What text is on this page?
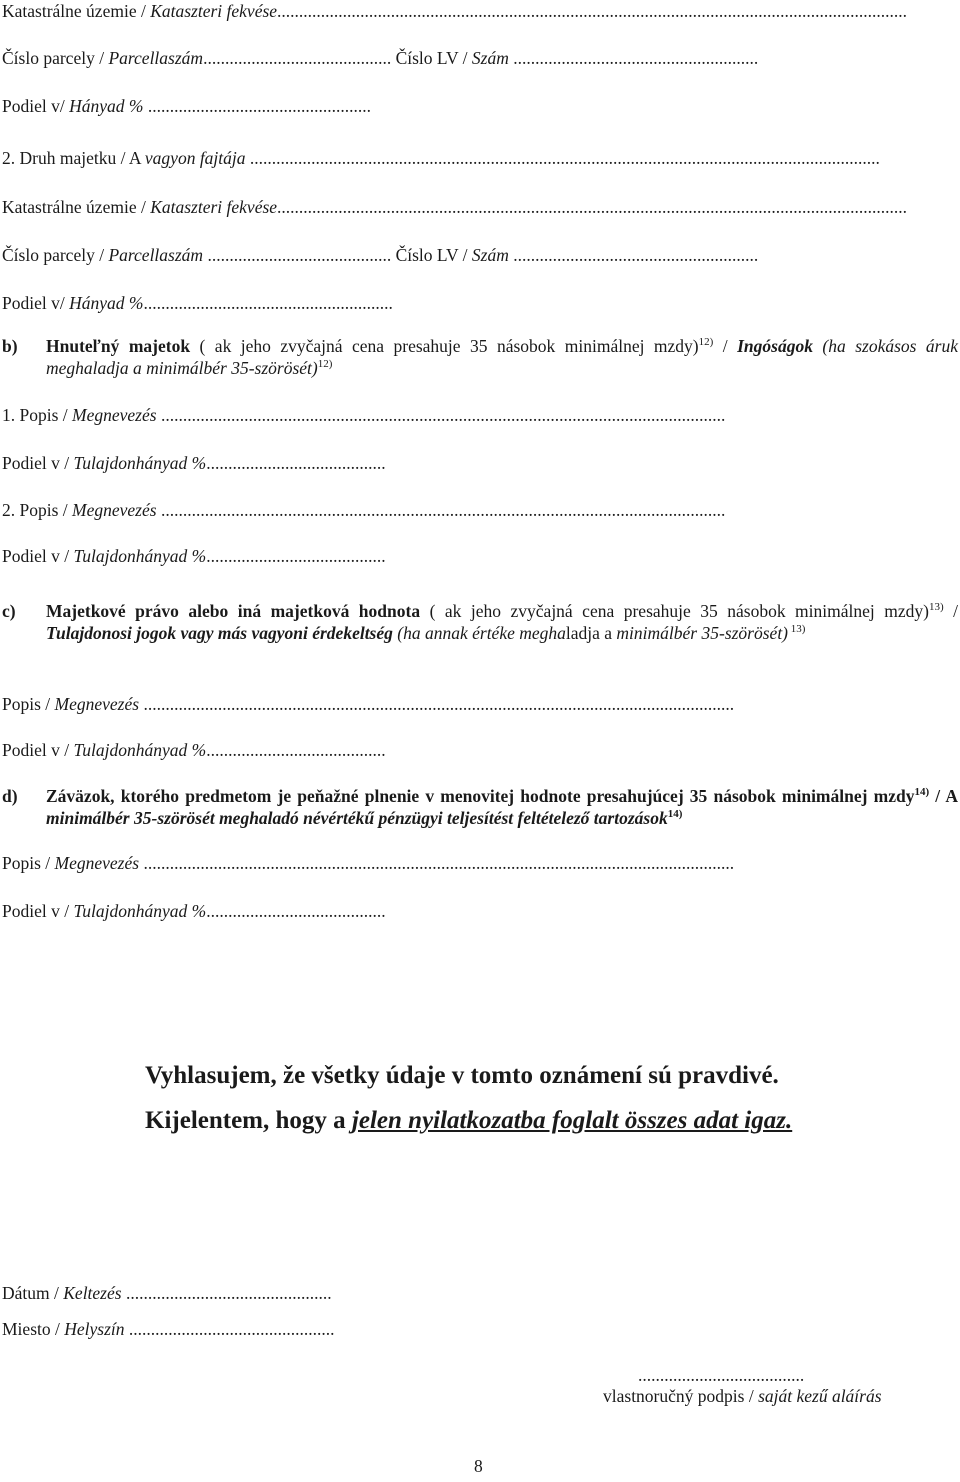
Katastrálne územie / Kataszteri fekvése................................................................................................................................................
Číslo parcely / Parcellaszám........................................... Číslo LV / Szám ........................................................
Podiel v/ Hányad % ...................................................
2. Druh majetku / A vagyon fajtája ................................................................................................................................................
Katastrálne územie / Kataszteri fekvése................................................................................................................................................
Číslo parcely / Parcellaszám .......................................... Číslo LV / Szám ........................................................
Podiel v/ Hányad %.........................................................
b) Hnuteľný majetok ( ak jeho zvyčajná cena presahuje 35 násobok minimálnej mzdy)$^{12)}$ / Ingóságok (ha szokásos áruk meghaladja a minimálbér 35-szörösét)$^{12)}$
1. Popis / Megnevezés .................................................................................................................................
Podiel v / Tulajdonhányad %.........................................
2. Popis / Megnevezés .................................................................................................................................
Podiel v / Tulajdonhányad %.........................................
c) Majetkové právo alebo iná majetková hodnota ( ak jeho zvyčajná cena presahuje 35 násobok minimálnej mzdy)$^{13)}$ / Tulajdonosi jogok vagy más vagyoni érdekeltség (ha annak értéke meghaladja a minimálbér 35-szörösét) $^{13)}$
Popis / Megnevezés .......................................................................................................................................
Podiel v / Tulajdonhányad %.........................................
d) Záväzok, ktorého predmetom je peňažné plnenie v menovitej hodnote presahujúcej 35 násobok minimálnej mzdy$^{14)}$ / A minimálbér 35-szörösét meghaladó névértékű pénzügyi teljesítést feltételező tartozások$^{14)}$
Popis / Megnevezés .......................................................................................................................................
Podiel v / Tulajdonhányad %.........................................
Vyhlasujem, že všetky údaje v tomto oznámení sú pravdivé.
Kijelentem, hogy a jelen nyilatkozatba foglalt összes adat igaz.
Dátum / Keltezés ...............................................
Miesto / Helyszín ...............................................
......................................
vlastnoručný podpis / saját kezű aláírás
8
